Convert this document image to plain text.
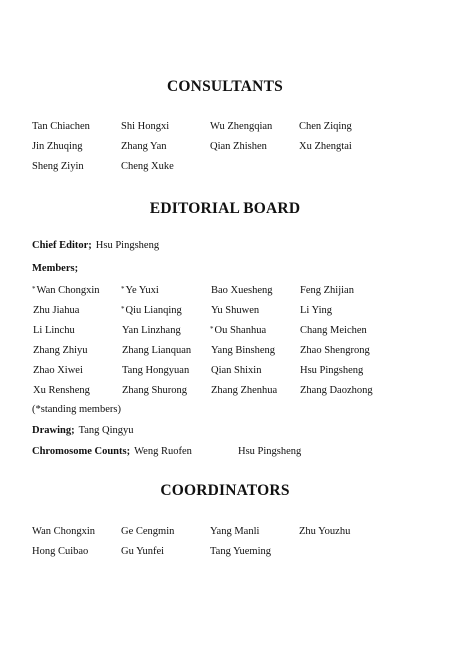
CONSULTANTS
Tan Chiachen	Shi Hongxi	Wu Zhengqian	Chen Ziqing
Jin Zhuqing	Zhang Yan	Qian Zhishen	Xu Zhengtai
Sheng Ziyin	Cheng Xuke
EDITORIAL BOARD
Chief Editor; Hsu Pingsheng
Members;
*Wan Chongxin	*Ye Yuxi	Bao Xuesheng	Feng Zhijian
Zhu Jiahua	*Qiu Lianqing	Yu Shuwen	Li Ying
Li Linchu	Yan Linzhang	*Ou Shanhua	Chang Meichen
Zhang Zhiyu	Zhang Lianquan	Yang Binsheng	Zhao Shengrong
Zhao Xiwei	Tang Hongyuan	Qian Shixin	Hsu Pingsheng
Xu Rensheng	Zhang Shurong	Zhang Zhenhua	Zhang Daozhong
(*standing members)
Drawing; Tang Qingyu
Chromosome Counts; Weng Ruofen	Hsu Pingsheng
COORDINATORS
Wan Chongxin	Ge Cengmin	Yang Manli	Zhu Youzhu
Hong Cuibao	Gu Yunfei	Tang Yueming
